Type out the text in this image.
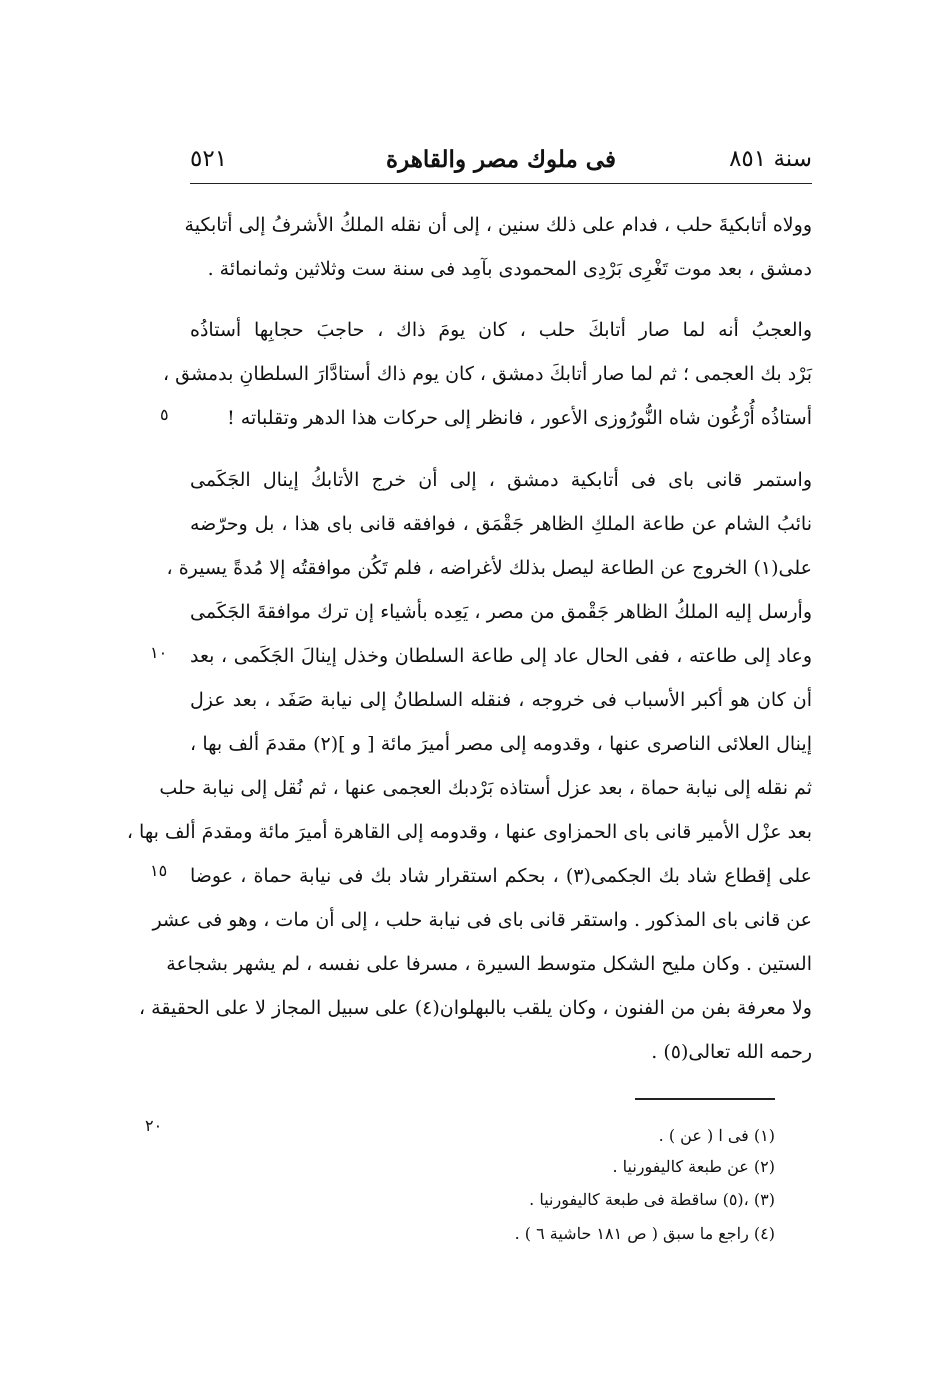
سنة ٨٥١
فى ملوك مصر والقاهرة
٥٢١
وولاه أتابكيةَ حلب ، فدام على ذلك سنين ، إلى أن نقله الملكُ الأشرفُ إلى أتابكية
دمشق ، بعد موت تَغْرِى بَرْدِى المحمودى بآمِد فى سنة ست وثلاثين وثمانمائة .
والعجبُ أنه لما صار أتابكَ حلب ، كان يومَ ذاك ، حاجبَ حجابِها أستاذُه
بَرْد بك العجمى ؛ ثم لما صار أتابكَ دمشق ، كان يوم ذاك أستادَّارَ السلطانِ بدمشق ،
أستاذُه أُرْغُون شاه النُّورُوزى الأعور ، فانظر إلى حركات هذا الدهر وتقلباته !
واستمر قانى باى فى أتابكية دمشق ، إلى أن خرج الأتابكُ إينال الجَكَمى
نائبُ الشام عن طاعة الملكِ الظاهر جَقْمَق ، فوافقه قانى باى هذا ، بل وحرّضه
على(١) الخروج عن الطاعة ليصل بذلك لأغراضه ، فلم تَكُن موافقتُه إلا مُدةً يسيرة ،
وأرسل إليه الملكُ الظاهر جَقْمق من مصر ، يَعِده بأشياء إن ترك موافقةَ الجَكَمى
وعاد إلى طاعته ، ففى الحال عاد إلى طاعة السلطان وخذل إينالَ الجَكَمى ، بعد
أن كان هو أكبر الأسباب فى خروجه ، فنقله السلطانُ إلى نيابة صَفَد ، بعد عزل
إينال العلائى الناصرى عنها ، وقدومه إلى مصر أميرَ مائة [ و ](٢) مقدمَ ألف بها ،
ثم نقله إلى نيابة حماة ، بعد عزل أستاذه بَرْدبك العجمى عنها ، ثم نُقل إلى نيابة حلب
بعد عزْل الأمير قانى باى الحمزاوى عنها ، وقدومه إلى القاهرة أميرَ مائة ومقدمَ ألف بها ،
على إقطاع شاد بك الجكمى(٣) ، بحكم استقرار شاد بك فى نيابة حماة ، عوضا
عن قانى باى المذكور . واستقر قانى باى فى نيابة حلب ، إلى أن مات ، وهو فى عشر
الستين . وكان مليح الشكل متوسط السيرة ، مسرفا على نفسه ، لم يشهر بشجاعة
ولا معرفة بفن من الفنون ، وكان يلقب بالبهلوان(٤) على سبيل المجاز لا على الحقيقة ،
رحمه الله تعالى(٥) .
٥
١٠
١٥
٢٠
(١) فى ا ( عن ) .
(٢) عن طبعة كاليفورنيا .
(٣) ،(٥) ساقطة فى طبعة كاليفورنيا .
(٤) راجع ما سبق ( ص ١٨١ حاشية ٦ ) .
